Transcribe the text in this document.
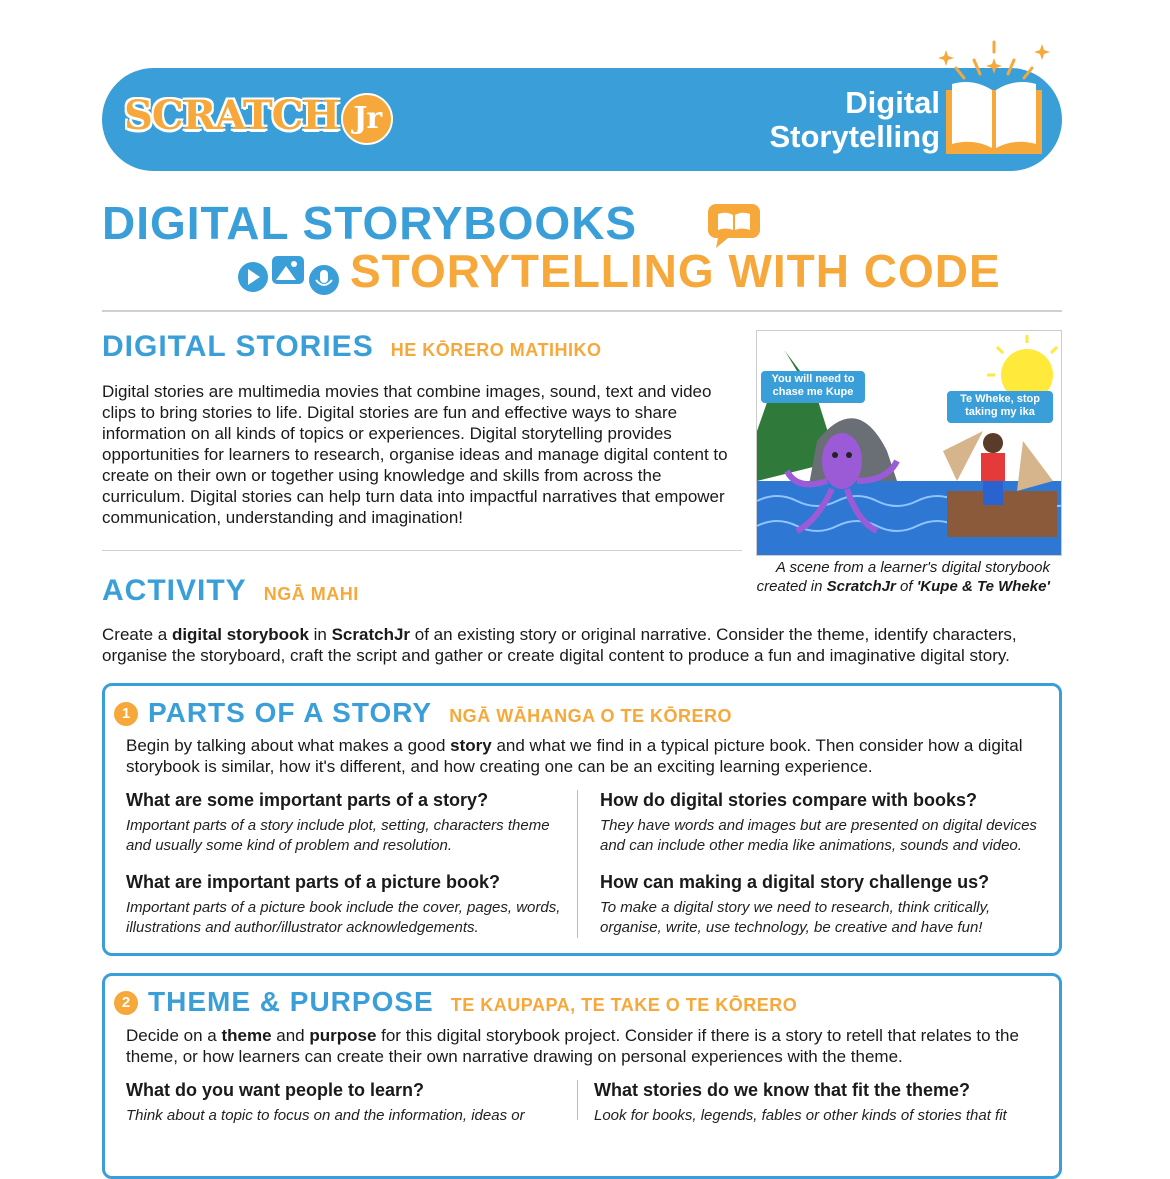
SCRATCH Jr	Digital
Storytelling
DIGITAL STORYBOOKS
STORYTELLING WITH CODE
DIGITAL STORIES HE KŌRERO MATIHIKO
Digital stories are multimedia movies that combine images, sound, text and video clips to bring stories to life. Digital stories are fun and effective ways to share information on all kinds of topics or experiences. Digital storytelling provides opportunities for learners to research, organise ideas and manage digital content to create on their own or together using knowledge and skills from across the curriculum. Digital stories can help turn data into impactful narratives that empower communication, understanding and imagination!
You will need to chase me Kupe
Te Wheke, stop taking my ika
A scene from a learner's digital storybook
created in ScratchJr of 'Kupe & Te Wheke'
ACTIVITY NGĀ MAHI
Create a digital storybook in ScratchJr of an existing story or original narrative. Consider the theme, identify characters, organise the storyboard, craft the script and gather or create digital content to produce a fun and imaginative digital story.
1 PARTS OF A STORY NGĀ WĀHANGA O TE KŌRERO
Begin by talking about what makes a good story and what we find in a typical picture book. Then consider how a digital storybook is similar, how it's different, and how creating one can be an exciting learning experience.
What are some important parts of a story?
Important parts of a story include plot, setting, characters theme and usually some kind of problem and resolution.
How do digital stories compare with books?
They have words and images but are presented on digital devices and can include other media like animations, sounds and video.
What are important parts of a picture book?
Important parts of a picture book include the cover, pages, words, illustrations and author/illustrator acknowledgements.
How can making a digital story challenge us?
To make a digital story we need to research, think critically, organise, write, use technology, be creative and have fun!
2 THEME & PURPOSE TE KAUPAPA, TE TAKE O TE KŌRERO
Decide on a theme and purpose for this digital storybook project. Consider if there is a story to retell that relates to the theme, or how learners can create their own narrative drawing on personal experiences with the theme.
What do you want people to learn?
Think about a topic to focus on and the information, ideas or
What stories do we know that fit the theme?
Look for books, legends, fables or other kinds of stories that fit
